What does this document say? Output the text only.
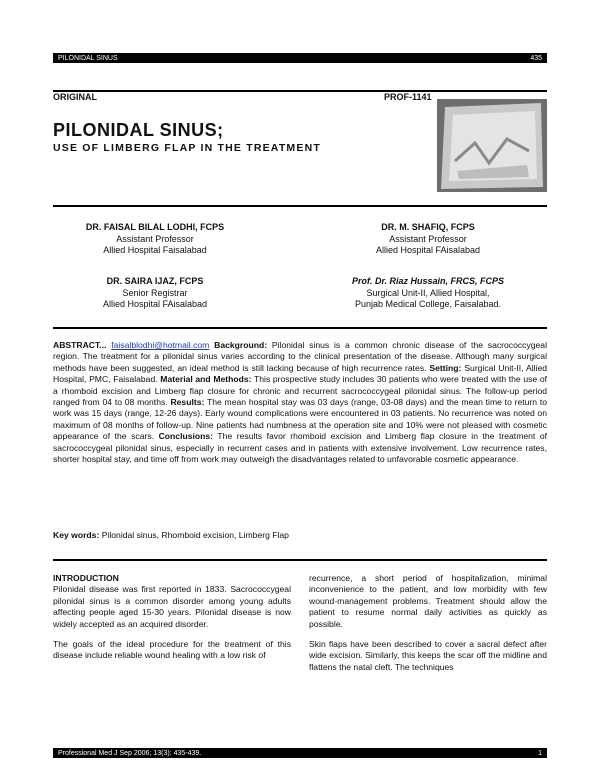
PILONIDAL SINUS	435
ORIGINAL	PROF-1141
PILONIDAL SINUS;
USE OF LIMBERG FLAP IN THE TREATMENT
DR. FAISAL BILAL LODHI, FCPS
Assistant Professor
Allied Hospital Faisalabad
DR. M. SHAFIQ, FCPS
Assistant Professor
Allied Hospital FAisalabad
DR. SAIRA IJAZ, FCPS
Senior Registrar
Allied Hospital FAisalabad
Prof. Dr. Riaz Hussain, FRCS, FCPS
Surgical Unit-II, Allied Hospital,
Punjab Medical College, Faisalabad.
ABSTRACT... faisalblodhi@hotmail.com Background: Pilonidal sinus is a common chronic disease of the sacrococcygeal region. The treatment for a pilonidal sinus varies according to the clinical presentation of the disease. Although many surgical methods have been suggested, an ideal method is still lacking because of high recurrence rates. Setting: Surgical Unit-II, Allied Hospital, PMC, Faisalabad. Material and Methods: This prospective study includes 30 patients who were treated with the use of a rhomboid excision and Limberg flap closure for chronic and recurrent sacrococcygeal pilonidal sinus. The follow-up period ranged from 04 to 08 months. Results: The mean hospital stay was 03 days (range, 03-08 days) and the mean time to return to work was 15 days (range, 12-26 days). Early wound complications were encountered in 03 patients. No recurrence was noted on maximum of 08 months of follow-up. Nine patients had numbness at the operation site and 10% were not pleased with cosmetic appearance of the scars. Conclusions: The results favor rhomboid excision and Limberg flap closure in the treatment of sacrococcygeal pilonidal sinus, especially in recurrent cases and in patients with extensive involvement. Low recurrence rates, shorter hospital stay, and time off from work may outweigh the disadvantages related to unfavorable cosmetic appearance.
Key words: Pilonidal sinus, Rhomboid excision, Limberg Flap

INTRODUCTION

Pilonidal disease was first reported in 1833. Sacrococcygeal pilonidal sinus is a common disorder among young adults affecting people aged 15-30 years. Pilonidal disease is now widely accepted as an acquired disorder.

The goals of the ideal procedure for the treatment of this disease include reliable wound healing with a low risk of

recurrence, a short period of hospitalization, minimal inconvenience to the patient, and low morbidity with few wound-management problems. Treatment should allow the patient to resume normal daily activities as quickly as possible.

Skin flaps have been described to cover a sacral defect after wide excision. Similarly, this keeps the scar off the midline and flattens the natal cleft. The techniques

Professional Med J Sep 2006; 13(3): 435-439.	1
